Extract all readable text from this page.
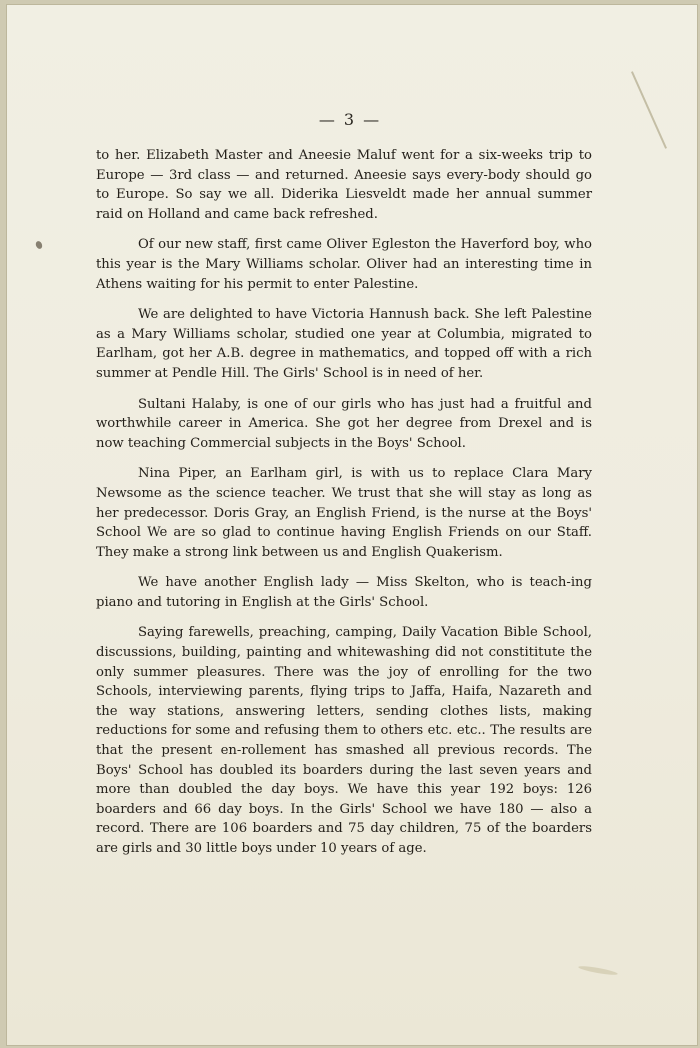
— 3 —

to her. Elizabeth Master and Aneesie Maluf went for a six-weeks trip to Europe — 3rd class — and returned. Aneesie says every-body should go to Europe. So say we all. Diderika Liesveldt made her annual summer raid on Holland and came back refreshed.

Of our new staff, first came Oliver Egleston the Haverford boy, who this year is the Mary Williams scholar. Oliver had an interesting time in Athens waiting for his permit to enter Palestine.

We are delighted to have Victoria Hannush back. She left Palestine as a Mary Williams scholar, studied one year at Columbia, migrated to Earlham, got her A.B. degree in mathematics, and topped off with a rich summer at Pendle Hill. The Girls' School is in need of her.

Sultani Halaby, is one of our girls who has just had a fruitful and worthwhile career in America. She got her degree from Drexel and is now teaching Commercial subjects in the Boys' School.

Nina Piper, an Earlham girl, is with us to replace Clara Mary Newsome as the science teacher. We trust that she will stay as long as her predecessor. Doris Gray, an English Friend, is the nurse at the Boys' School We are so glad to continue having English Friends on our Staff. They make a strong link between us and English Quakerism.

We have another English lady — Miss Skelton, who is teach-ing piano and tutoring in English at the Girls' School.

Saying farewells, preaching, camping, Daily Vacation Bible School, discussions, building, painting and whitewashing did not constititute the only summer pleasures. There was the joy of enrolling for the two Schools, interviewing parents, flying trips to Jaffa, Haifa, Nazareth and the way stations, answering letters, sending clothes lists, making reductions for some and refusing them to others etc. etc.. The results are that the present en-rollement has smashed all previous records. The Boys' School has doubled its boarders during the last seven years and more than doubled the day boys. We have this year 192 boys: 126 boarders and 66 day boys. In the Girls' School we have 180 — also a record. There are 106 boarders and 75 day children, 75 of the boarders are girls and 30 little boys under 10 years of age.
